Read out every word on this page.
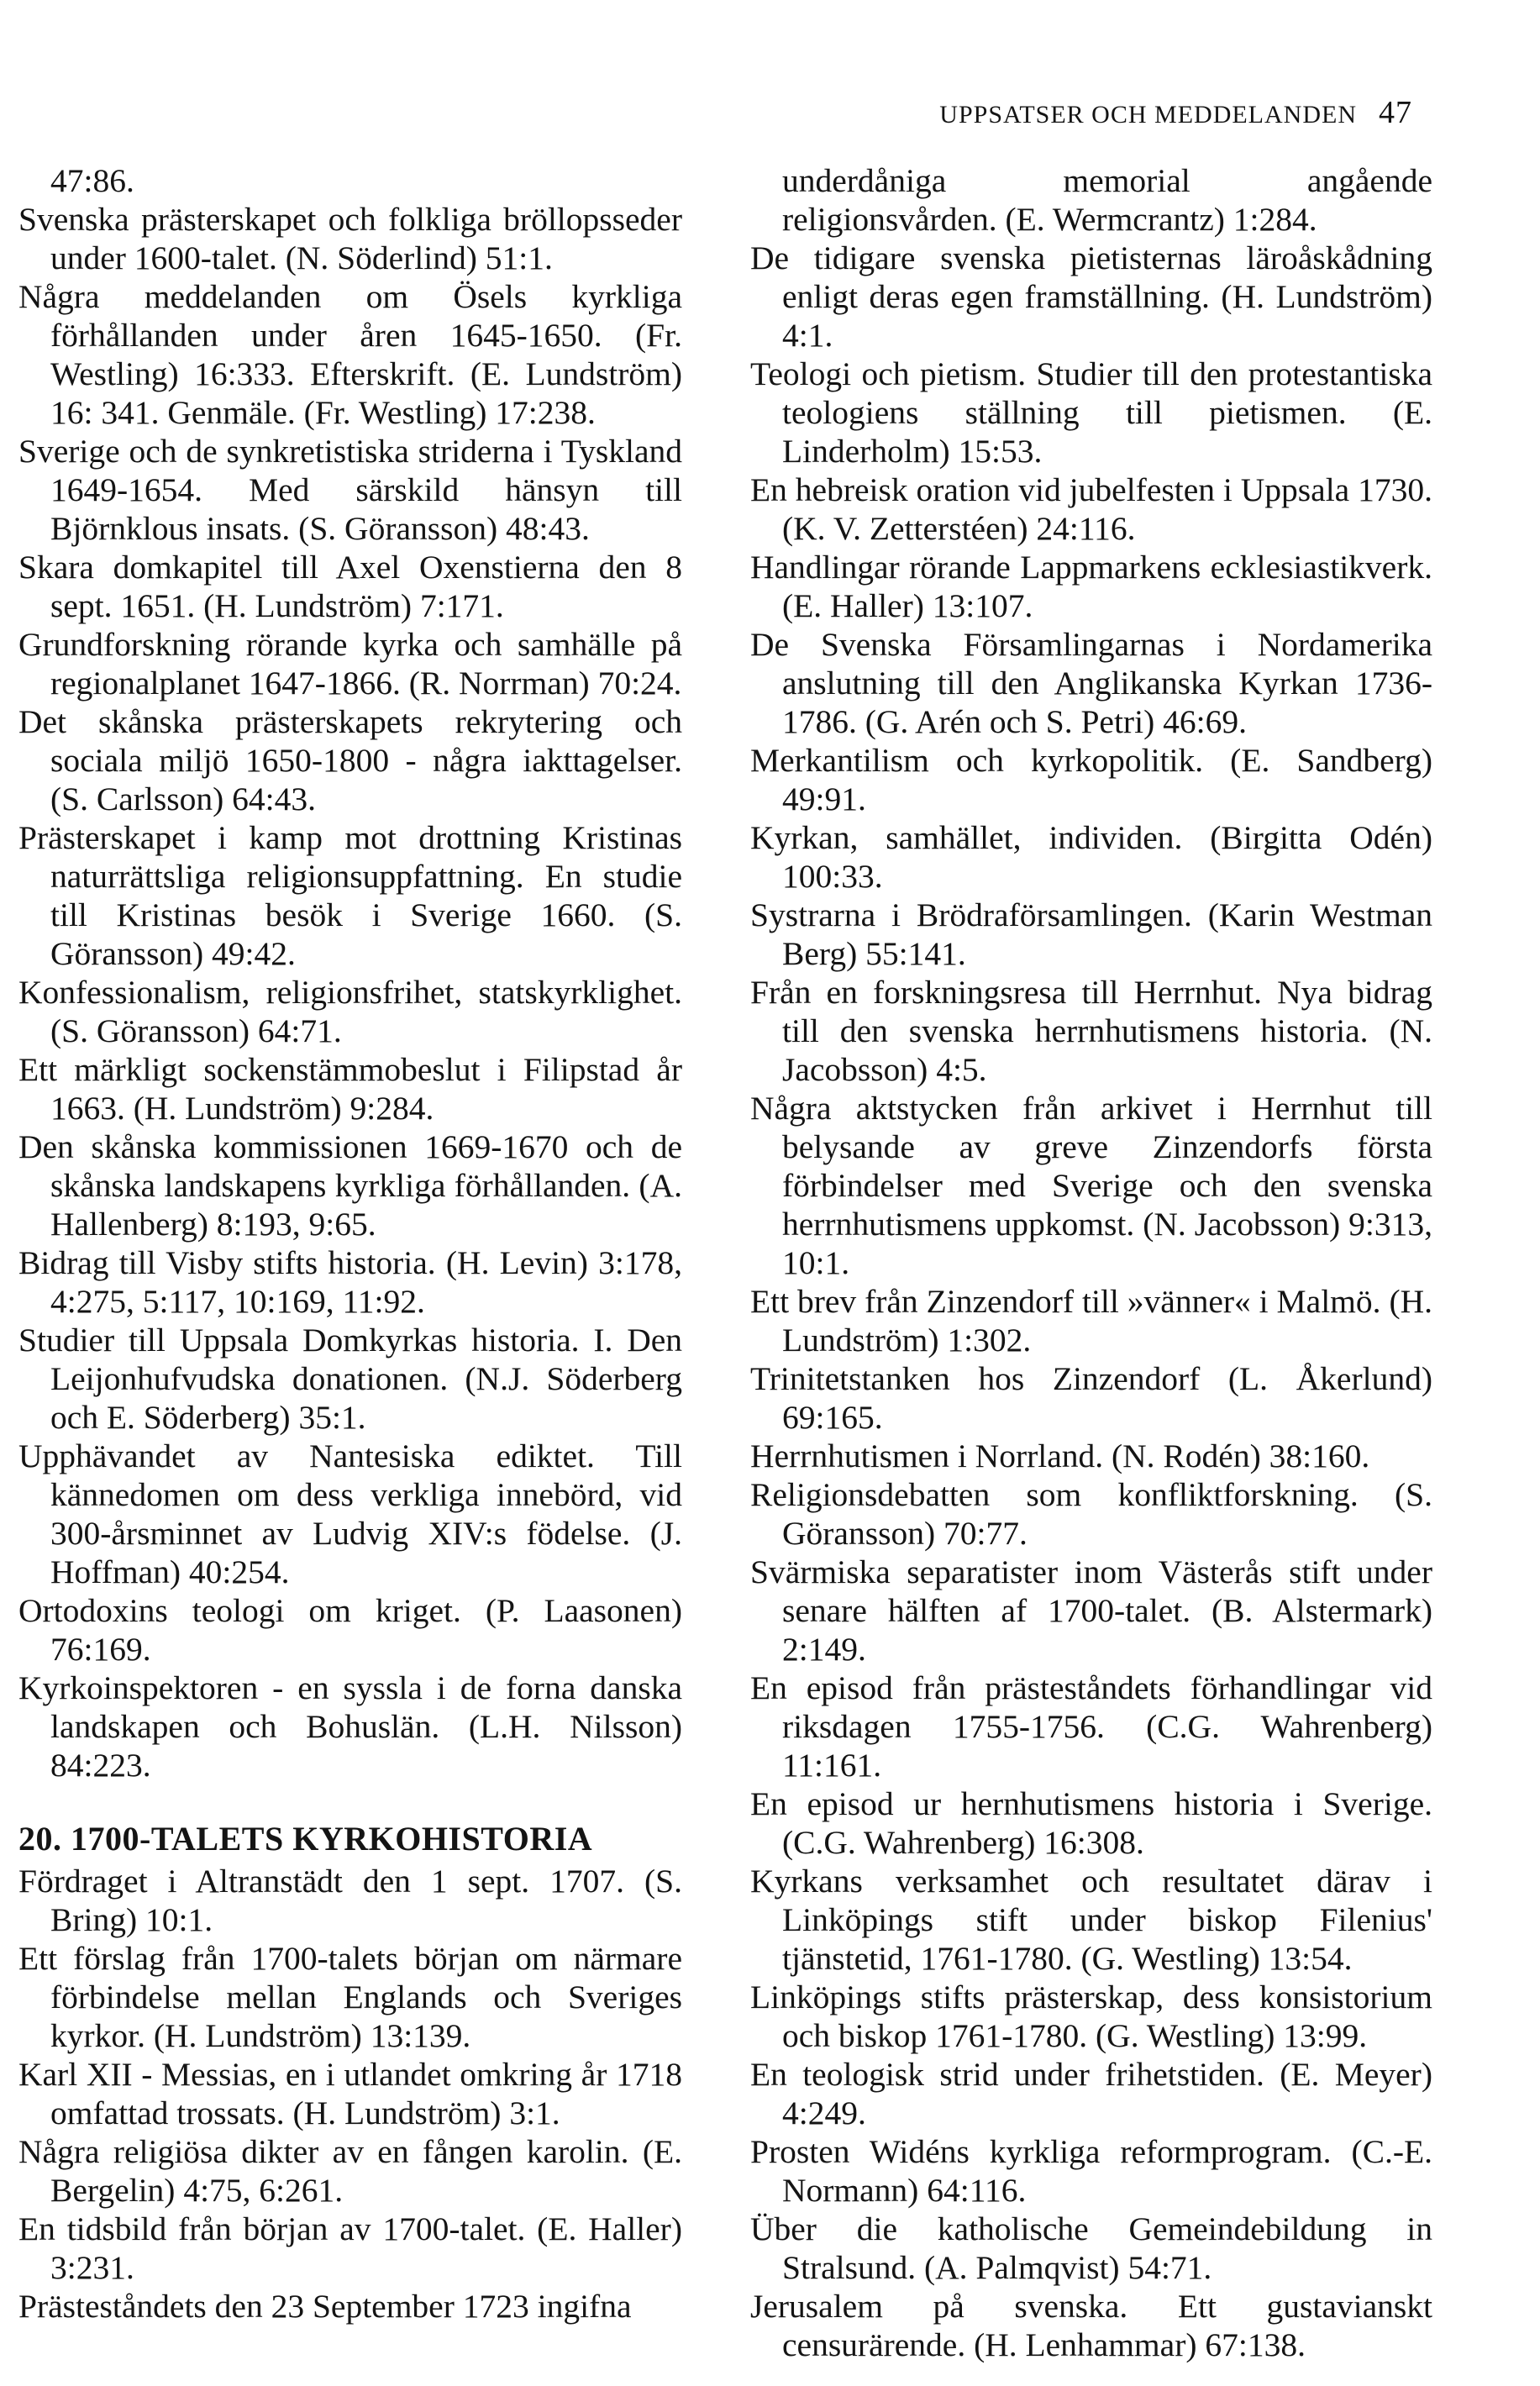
UPPSATSER OCH MEDDELANDEN 47
47:86.
Svenska prästerskapet och folkliga bröllopsseder under 1600-talet. (N. Söderlind) 51:1.
Några meddelanden om Ösels kyrkliga förhållanden under åren 1645-1650. (Fr. Westling) 16:333. Efterskrift. (E. Lundström) 16: 341. Genmäle. (Fr. Westling) 17:238.
Sverige och de synkretistiska striderna i Tyskland 1649-1654. Med särskild hänsyn till Björnklous insats. (S. Göransson) 48:43.
Skara domkapitel till Axel Oxenstierna den 8 sept. 1651. (H. Lundström) 7:171.
Grundforskning rörande kyrka och samhälle på regionalplanet 1647-1866. (R. Norrman) 70:24.
Det skånska prästerskapets rekrytering och sociala miljö 1650-1800 - några iakttagelser. (S. Carlsson) 64:43.
Prästerskapet i kamp mot drottning Kristinas naturrättsliga religionsuppfattning. En studie till Kristinas besök i Sverige 1660. (S. Göransson) 49:42.
Konfessionalism, religionsfrihet, statskyrklighet. (S. Göransson) 64:71.
Ett märkligt sockenstämmobeslut i Filipstad år 1663. (H. Lundström) 9:284.
Den skånska kommissionen 1669-1670 och de skånska landskapens kyrkliga förhållanden. (A. Hallenberg) 8:193, 9:65.
Bidrag till Visby stifts historia. (H. Levin) 3:178, 4:275, 5:117, 10:169, 11:92.
Studier till Uppsala Domkyrkas historia. I. Den Leijonhufvudska donationen. (N.J. Söderberg och E. Söderberg) 35:1.
Upphävandet av Nantesiska ediktet. Till kännedomen om dess verkliga innebörd, vid 300-årsminnet av Ludvig XIV:s födelse. (J. Hoffman) 40:254.
Ortodoxins teologi om kriget. (P. Laasonen) 76:169.
Kyrkoinspektoren - en syssla i de forna danska landskapen och Bohuslän. (L.H. Nilsson) 84:223.
20. 1700-TALETS KYRKOHISTORIA
Fördraget i Altranstädt den 1 sept. 1707. (S. Bring) 10:1.
Ett förslag från 1700-talets början om närmare förbindelse mellan Englands och Sveriges kyrkor. (H. Lundström) 13:139.
Karl XII - Messias, en i utlandet omkring år 1718 omfattad trossats. (H. Lundström) 3:1.
Några religiösa dikter av en fången karolin. (E. Bergelin) 4:75, 6:261.
En tidsbild från början av 1700-talet. (E. Haller) 3:231.
Prästeståndets den 23 September 1723 ingifna
underdåniga memorial angående religionsvården. (E. Wermcrantz) 1:284.
De tidigare svenska pietisternas läroåskådning enligt deras egen framställning. (H. Lundström) 4:1.
Teologi och pietism. Studier till den protestantiska teologiens ställning till pietismen. (E. Linderholm) 15:53.
En hebreisk oration vid jubelfesten i Uppsala 1730. (K. V. Zetterstéen) 24:116.
Handlingar rörande Lappmarkens ecklesiastikverk. (E. Haller) 13:107.
De Svenska Församlingarnas i Nordamerika anslutning till den Anglikanska Kyrkan 1736-1786. (G. Arén och S. Petri) 46:69.
Merkantilism och kyrkopolitik. (E. Sandberg) 49:91.
Kyrkan, samhället, individen. (Birgitta Odén) 100:33.
Systrarna i Brödraförsamlingen. (Karin Westman Berg) 55:141.
Från en forskningsresa till Herrnhut. Nya bidrag till den svenska herrnhutismens historia. (N. Jacobsson) 4:5.
Några aktstycken från arkivet i Herrnhut till belysande av greve Zinzendorfs första förbindelser med Sverige och den svenska herrnhutismens uppkomst. (N. Jacobsson) 9:313, 10:1.
Ett brev från Zinzendorf till »vänner« i Malmö. (H. Lundström) 1:302.
Trinitetstanken hos Zinzendorf (L. Åkerlund) 69:165.
Herrnhutismen i Norrland. (N. Rodén) 38:160.
Religionsdebatten som konfliktforskning. (S. Göransson) 70:77.
Svärmiska separatister inom Västerås stift under senare hälften af 1700-talet. (B. Alstermark) 2:149.
En episod från prästeståndets förhandlingar vid riksdagen 1755-1756. (C.G. Wahrenberg) 11:161.
En episod ur hernhutismens historia i Sverige. (C.G. Wahrenberg) 16:308.
Kyrkans verksamhet och resultatet därav i Linköpings stift under biskop Filenius' tjänstetid, 1761-1780. (G. Westling) 13:54.
Linköpings stifts prästerskap, dess konsistorium och biskop 1761-1780. (G. Westling) 13:99.
En teologisk strid under frihetstiden. (E. Meyer) 4:249.
Prosten Widéns kyrkliga reformprogram. (C.-E. Normann) 64:116.
Über die katholische Gemeindebildung in Stralsund. (A. Palmqvist) 54:71.
Jerusalem på svenska. Ett gustavianskt censurärende. (H. Lenhammar) 67:138.
